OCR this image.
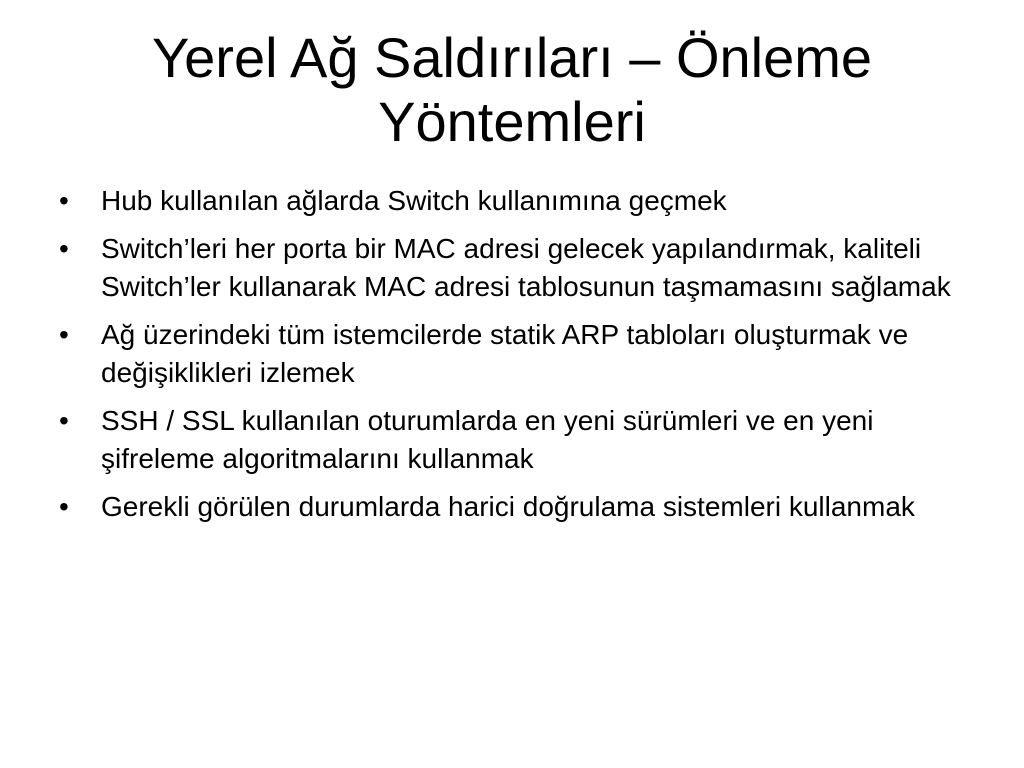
Yerel Ağ Saldırıları – Önleme Yöntemleri
•	Hub kullanılan ağlarda Switch kullanımına geçmek
•	Switch’leri her porta bir MAC adresi gelecek yapılandırmak, kaliteli Switch’ler kullanarak MAC adresi tablosunun taşmamasını sağlamak
•	Ağ üzerindeki tüm istemcilerde statik ARP tabloları oluşturmak ve değişiklikleri izlemek
•	SSH / SSL kullanılan oturumlarda en yeni sürümleri ve en yeni şifreleme algoritmalarını kullanmak
•	Gerekli görülen durumlarda harici doğrulama sistemleri kullanmak
